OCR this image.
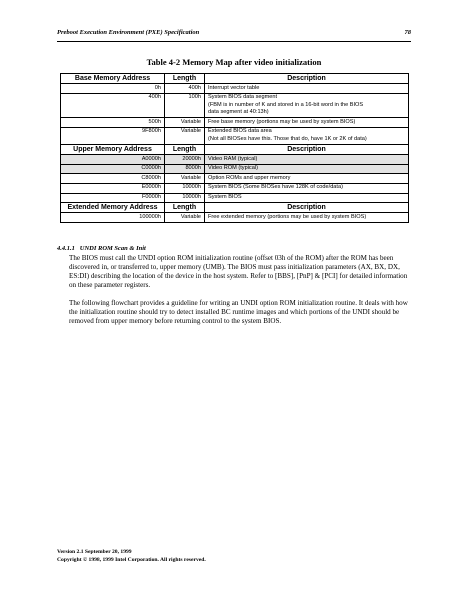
Preboot Execution Environment (PXE) Specification	78
Table 4-2 Memory Map after video initialization
Base Memory Address	Length	Description
0h	400h	Interrupt vector table

400h	100h	System BIOS data segment
(FBM is in number of K and stored in a 16-bit word in the BIOS
data segment at 40:13h)

500h	Variable	Free base memory (portions may be used by system BIOS)

9F800h	Variable	Extended BIOS data area
(Not all BIOSes have this. Those that do, have 1K or 2K of data)

Upper Memory Address	Length	Description
A0000h	20000h	Video RAM (typical)

C0000h	8000h	Video ROM (typical)

C8000h	Variable	Option ROMs and upper memory

E0000h	10000h	System BIOS (Some BIOSes have 128K of code/data)

F0000h	10000h	System BIOS

Extended Memory Address	Length	Description
100000h	Variable	Free extended memory (portions may be used by system BIOS)
4.4.1.1 UNDI ROM Scan & Init

The BIOS must call the UNDI option ROM initialization routine (offset 03h of the ROM) after the ROM has been discovered in, or transferred to, upper memory (UMB). The BIOS must pass initialization parameters (AX, BX, DX, ES:DI) describing the location of the device in the host system. Refer to [BBS], [PnP] & [PCI] for detailed information on these parameter registers.

The following flowchart provides a guideline for writing an UNDI option ROM initialization routine. It deals with how the initialization routine should try to detect installed BC runtime images and which portions of the UNDI should be removed from upper memory before returning control to the system BIOS.

Version 2.1 September 20, 1999
Copyright © 1998, 1999 Intel Corporation. All rights reserved.
